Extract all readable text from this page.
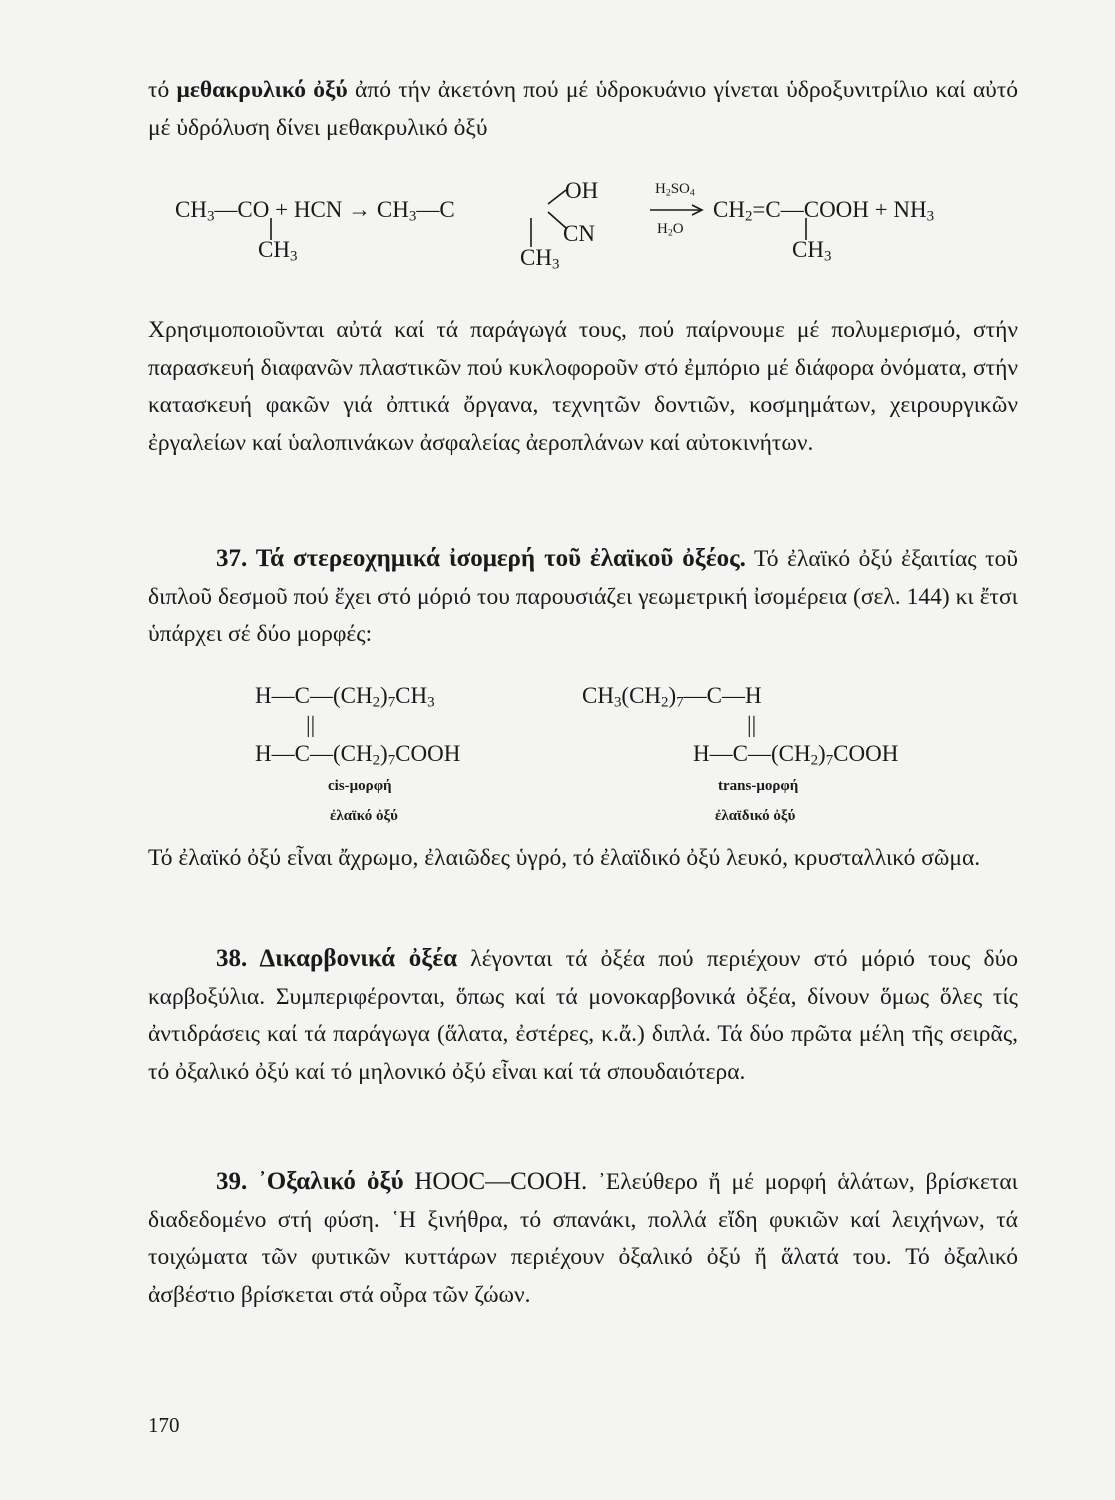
τό μεθακρυλικό ὀξύ ἀπό τήν ἀκετόνη πού μέ ὑδροκυάνιο γίνεται ὑδροξυνιτρίλιο καί αὐτό μέ ὑδρόλυση δίνει μεθακρυλικό ὀξύ
$CH_3—CO$ + HCN → $CH_3—C$
OH
CN
$CH_3$	$CH_3$
$H_2SO_4$
$H_2O$
$CH_2=C—COOH + NH_3$
$CH_3$
Χρησιμοποιοῦνται αὐτά καί τά παράγωγά τους, πού παίρνουμε μέ πολυμερισμό, στήν παρασκευή διαφανῶν πλαστικῶν πού κυκλοφοροῦν στό ἐμπόριο μέ διάφορα ὀνόματα, στήν κατασκευή φακῶν γιά ὀπτικά ὄργανα, τεχνητῶν δοντιῶν, κοσμημάτων, χειρουργικῶν ἐργαλείων καί ὑαλοπινάκων ἀσφαλείας ἀεροπλάνων καί αὐτοκινήτων.
37. Τά στερεοχημικά ἰσομερή τοῦ ἐλαϊκοῦ ὀξέος. Τό ἐλαϊκό ὀξύ ἐξαιτίας τοῦ διπλοῦ δεσμοῦ πού ἔχει στό μόριό του παρουσιάζει γεωμετρική ἰσομέρεια (σελ. 144) κι ἔτσι ὑπάρχει σέ δύο μορφές:
$H—C—(CH_2)_7CH_3$
||
$H—C—(CH_2)_7COOH$
cis-μορφή
ἐλαϊκό ὀξύ
$CH_3(CH_2)_7—C—H$
||
$H—C—(CH_2)_7COOH$
trans-μορφή
ἐλαϊδικό ὀξύ
Τό ἐλαϊκό ὀξύ εἶναι ἄχρωμο, ἐλαιῶδες ὑγρό, τό ἐλαϊδικό ὀξύ λευκό, κρυσταλλικό σῶμα.
38. Δικαρβονικά ὀξέα λέγονται τά ὀξέα πού περιέχουν στό μόριό τους δύο καρβοξύλια. Συμπεριφέρονται, ὅπως καί τά μονοκαρβονικά ὀξέα, δίνουν ὅμως ὅλες τίς ἀντιδράσεις καί τά παράγωγα (ἅλατα, ἐστέρες, κ.ἄ.) διπλά. Τά δύο πρῶτα μέλη τῆς σειρᾶς, τό ὀξαλικό ὀξύ καί τό μηλονικό ὀξύ εἶναι καί τά σπουδαιότερα.
39. ᾿Οξαλικό ὀξύ HOOC—COOH. ᾿Ελεύθερο ἤ μέ μορφή ἁλάτων, βρίσκεται διαδεδομένο στή φύση. ῾Η ξινήθρα, τό σπανάκι, πολλά εἴδη φυκιῶν καί λειχήνων, τά τοιχώματα τῶν φυτικῶν κυττάρων περιέχουν ὀξαλικό ὀξύ ἤ ἅλατά του. Τό ὀξαλικό ἀσβέστιο βρίσκεται στά οὖρα τῶν ζώων.
170
